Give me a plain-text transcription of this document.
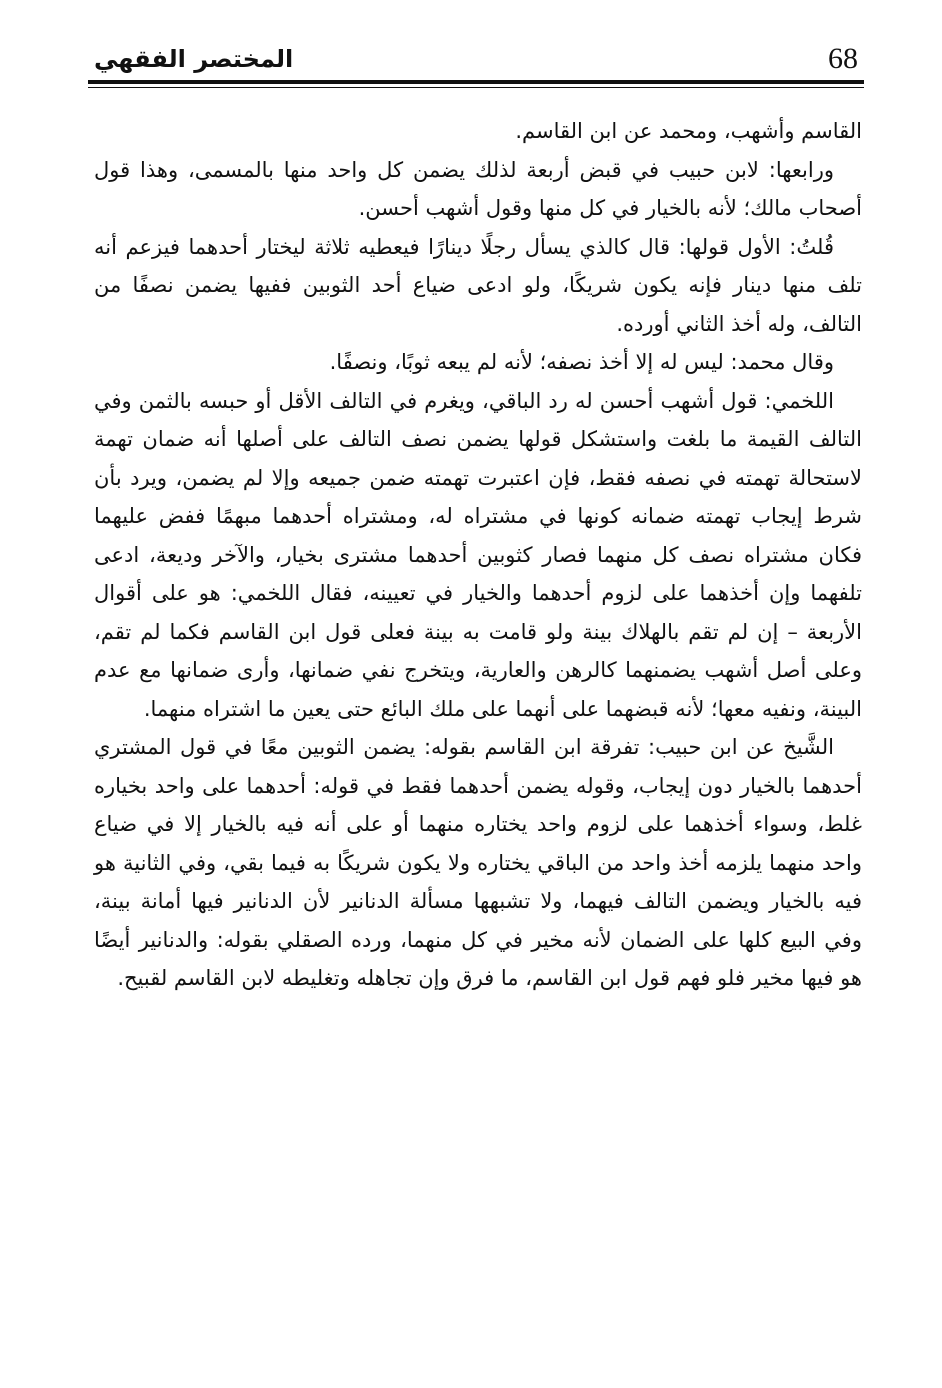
68
المختصر الفقهي

القاسم وأشهب، ومحمد عن ابن القاسم.

ورابعها: لابن حبيب في قبض أربعة لذلك يضمن كل واحد منها بالمسمى، وهذا قول أصحاب مالك؛ لأنه بالخيار في كل منها وقول أشهب أحسن.

قُلتُ: الأول قولها: قال كالذي يسأل رجلًا دينارًا فيعطيه ثلاثة ليختار أحدهما فيزعم أنه تلف منها دينار فإنه يكون شريكًا، ولو ادعى ضياع أحد الثوبين ففيها يضمن نصفًا من التالف، وله أخذ الثاني أورده.

وقال محمد: ليس له إلا أخذ نصفه؛ لأنه لم يبعه ثوبًا، ونصفًا.

اللخمي: قول أشهب أحسن له رد الباقي، ويغرم في التالف الأقل أو حبسه بالثمن وفي التالف القيمة ما بلغت واستشكل قولها يضمن نصف التالف على أصلها أنه ضمان تهمة لاستحالة تهمته في نصفه فقط، فإن اعتبرت تهمته ضمن جميعه وإلا لم يضمن، ويرد بأن شرط إيجاب تهمته ضمانه كونها في مشتراه له، ومشتراه أحدهما مبهمًا ففض عليهما فكان مشتراه نصف كل منهما فصار كثوبين أحدهما مشترى بخيار، والآخر وديعة، ادعى تلفهما وإن أخذهما على لزوم أحدهما والخيار في تعيينه، فقال اللخمي: هو على أقوال الأربعة – إن لم تقم بالهلاك بينة ولو قامت به بينة فعلى قول ابن القاسم فكما لم تقم، وعلى أصل أشهب يضمنهما كالرهن والعارية، ويتخرج نفي ضمانها، وأرى ضمانها مع عدم البينة، ونفيه معها؛ لأنه قبضهما على أنهما على ملك البائع حتى يعين ما اشتراه منهما.

الشَّيخ عن ابن حبيب: تفرقة ابن القاسم بقوله: يضمن الثوبين معًا في قول المشتري أحدهما بالخيار دون إيجاب، وقوله يضمن أحدهما فقط في قوله: أحدهما على واحد بخياره غلط، وسواء أخذهما على لزوم واحد يختاره منهما أو على أنه فيه بالخيار إلا في ضياع واحد منهما يلزمه أخذ واحد من الباقي يختاره ولا يكون شريكًا به فيما بقي، وفي الثانية هو فيه بالخيار ويضمن التالف فيهما، ولا تشبهها مسألة الدنانير لأن الدنانير فيها أمانة بينة، وفي البيع كلها على الضمان لأنه مخير في كل منهما، ورده الصقلي بقوله: والدنانير أيضًا هو فيها مخير فلو فهم قول ابن القاسم، ما فرق وإن تجاهله وتغليطه لابن القاسم لقبيح.
